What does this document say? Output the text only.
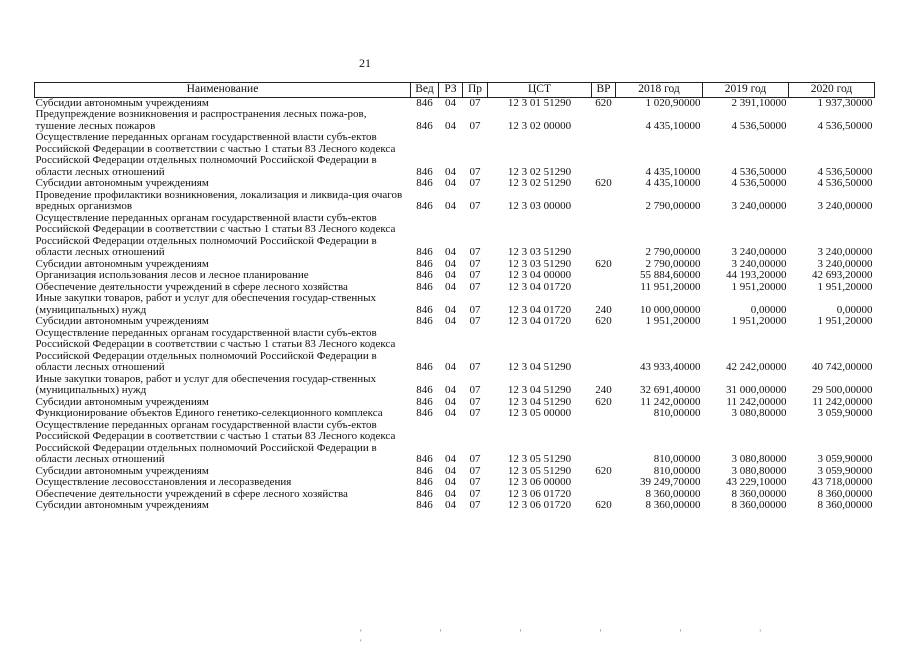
21
Наименование	Вед	РЗ	Пр	ЦСТ	ВР	2018 год	2019 год	2020 год
Субсидии автономным учреждениям	846	04	07	12 3 01 51290	620	1 020,90000	2 391,10000	1 937,30000
Предупреждение возникновения и распространения лесных пожа-ров, тушение лесных пожаров	846	04	07	12 3 02 00000		4 435,10000	4 536,50000	4 536,50000
Осуществление переданных органам государственной власти субъ-ектов Российской Федерации в соответствии с частью 1 статьи 83 Лесного кодекса Российской Федерации отдельных полномочий Российской Федерации в области лесных отношений	846	04	07	12 3 02 51290		4 435,10000	4 536,50000	4 536,50000
Субсидии автономным учреждениям	846	04	07	12 3 02 51290	620	4 435,10000	4 536,50000	4 536,50000
Проведение профилактики возникновения, локализация и ликвида-ция очагов вредных организмов	846	04	07	12 3 03 00000		2 790,00000	3 240,00000	3 240,00000
Осуществление переданных органам государственной власти субъ-ектов Российской Федерации в соответствии с частью 1 статьи 83 Лесного кодекса Российской Федерации отдельных полномочий Российской Федерации в области лесных отношений	846	04	07	12 3 03 51290		2 790,00000	3 240,00000	3 240,00000
Субсидии автономным учреждениям	846	04	07	12 3 03 51290	620	2 790,00000	3 240,00000	3 240,00000
Организация использования лесов и лесное планирование	846	04	07	12 3 04 00000		55 884,60000	44 193,20000	42 693,20000
Обеспечение деятельности учреждений в сфере лесного хозяйства	846	04	07	12 3 04 01720		11 951,20000	1 951,20000	1 951,20000
Иные закупки товаров, работ и услуг для обеспечения государ-ственных (муниципальных) нужд	846	04	07	12 3 04 01720	240	10 000,00000	0,00000	0,00000
Субсидии автономным учреждениям	846	04	07	12 3 04 01720	620	1 951,20000	1 951,20000	1 951,20000
Осуществление переданных органам государственной власти субъ-ектов Российской Федерации в соответствии с частью 1 статьи 83 Лесного кодекса Российской Федерации отдельных полномочий Российской Федерации в области лесных отношений	846	04	07	12 3 04 51290		43 933,40000	42 242,00000	40 742,00000
Иные закупки товаров, работ и услуг для обеспечения государ-ственных (муниципальных) нужд	846	04	07	12 3 04 51290	240	32 691,40000	31 000,00000	29 500,00000
Субсидии автономным учреждениям	846	04	07	12 3 04 51290	620	11 242,00000	11 242,00000	11 242,00000
Функционирование объектов Единого генетико-селекционного комплекса	846	04	07	12 3 05 00000		810,00000	3 080,80000	3 059,90000
Осуществление переданных органам государственной власти субъ-ектов Российской Федерации в соответствии с частью 1 статьи 83 Лесного кодекса Российской Федерации отдельных полномочий Российской Федерации в области лесных отношений	846	04	07	12 3 05 51290		810,00000	3 080,80000	3 059,90000
Субсидии автономным учреждениям	846	04	07	12 3 05 51290	620	810,00000	3 080,80000	3 059,90000
Осуществление лесовосстановления и лесоразведения	846	04	07	12 3 06 00000		39 249,70000	43 229,10000	43 718,00000
Обеспечение деятельности учреждений в сфере лесного хозяйства	846	04	07	12 3 06 01720		8 360,00000	8 360,00000	8 360,00000
Субсидии автономным учреждениям	846	04	07	12 3 06 01720	620	8 360,00000	8 360,00000	8 360,00000
' ' ' ' ' ' '
